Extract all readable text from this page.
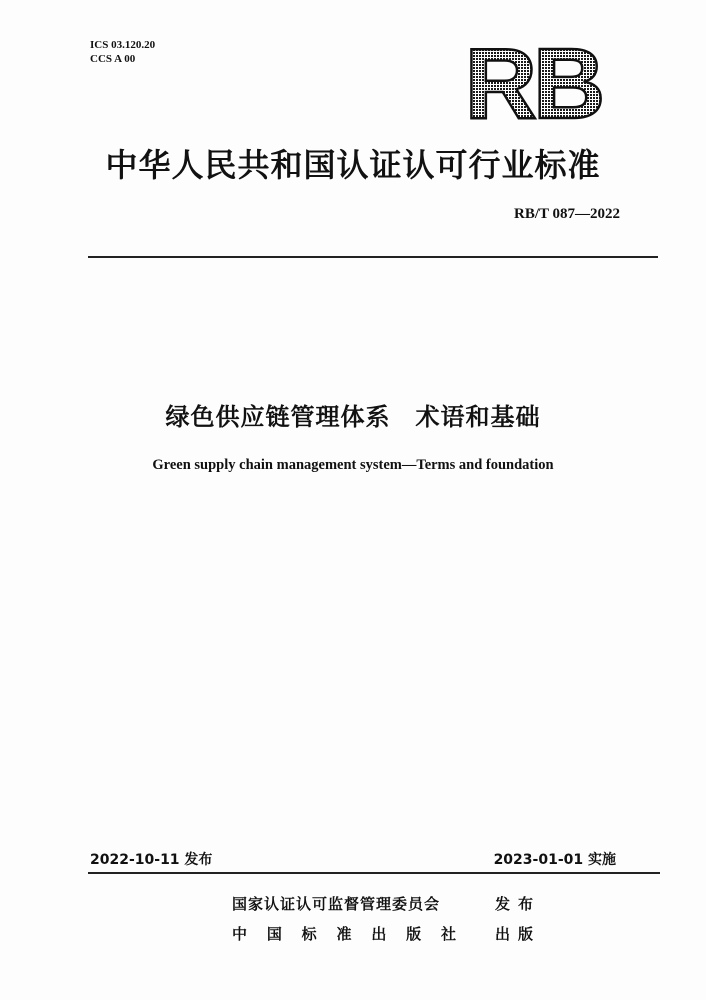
ICS 03.120.20
CCS A 00	RB
中华人民共和国认证认可行业标准
RB/T 087—2022
绿色供应链管理体系　术语和基础
Green supply chain management system—Terms and foundation
2022-10-11 发布	2023-01-01 实施
国家认证认可监督管理委员会	发布
中 国 标 准 出 版 社	出版
